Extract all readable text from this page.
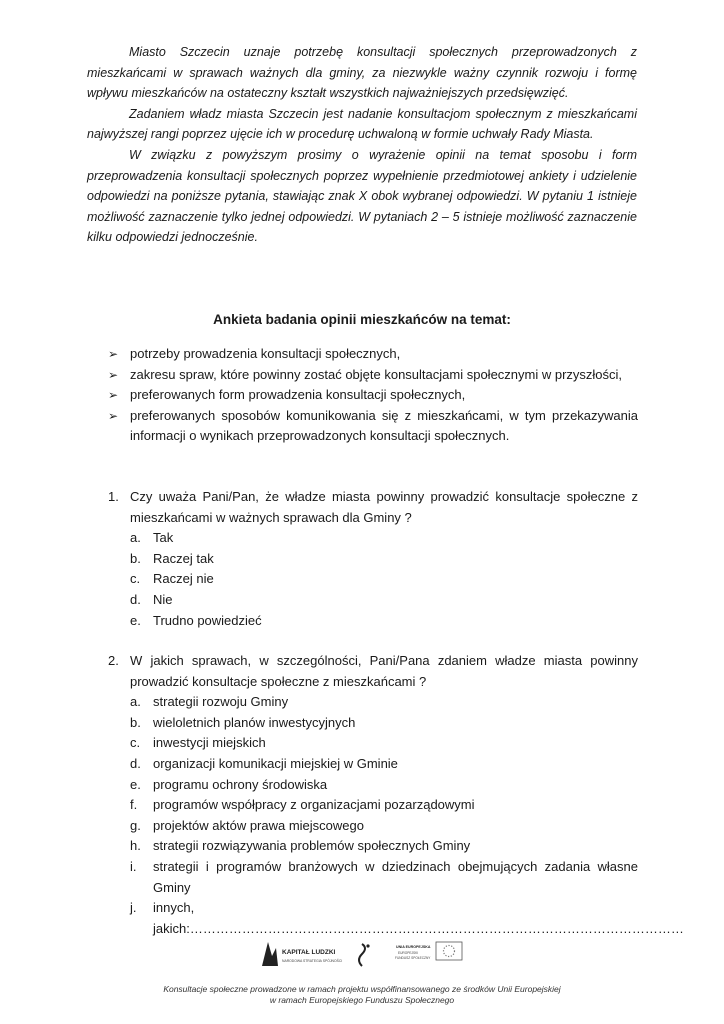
Miasto Szczecin uznaje potrzebę konsultacji społecznych przeprowadzonych z mieszkańcami w sprawach ważnych dla gminy, za niezwykle ważny czynnik rozwoju i formę wpływu mieszkańców na ostateczny kształt wszystkich najważniejszych przedsięwzięć.

Zadaniem władz miasta Szczecin jest nadanie konsultacjom społecznym z mieszkańcami najwyższej rangi poprzez ujęcie ich w procedurę uchwaloną w formie uchwały Rady Miasta.

W związku z powyższym prosimy o wyrażenie opinii na temat sposobu i form przeprowadzenia konsultacji społecznych poprzez wypełnienie przedmiotowej ankiety i udzielenie odpowiedzi na poniższe pytania, stawiając znak X obok wybranej odpowiedzi. W pytaniu 1 istnieje możliwość zaznaczenie tylko jednej odpowiedzi. W pytaniach 2 – 5 istnieje możliwość zaznaczenie kilku odpowiedzi jednocześnie.

Ankieta badania opinii mieszkańców na temat:
➢ potrzeby prowadzenia konsultacji społecznych,
➢ zakresu spraw, które powinny zostać objęte konsultacjami społecznymi w przyszłości,
➢ preferowanych form prowadzenia konsultacji społecznych,
➢ preferowanych sposobów komunikowania się z mieszkańcami, w tym przekazywania informacji o wynikach przeprowadzonych konsultacji społecznych.
1. Czy uważa Pani/Pan, że władze miasta powinny prowadzić konsultacje społeczne z mieszkańcami w ważnych sprawach dla Gminy ?
a. Tak
b. Raczej tak
c. Raczej nie
d. Nie
e. Trudno powiedzieć
2. W jakich sprawach, w szczególności, Pani/Pana zdaniem władze miasta powinny prowadzić konsultacje społeczne z mieszkańcami ?
a. strategii rozwoju Gminy
b. wieloletnich planów inwestycyjnych
c. inwestycji miejskich
d. organizacji komunikacji miejskiej w Gminie
e. programu ochrony środowiska
f. programów współpracy z organizacjami pozarządowymi
g. projektów aktów prawa miejscowego
h. strategii rozwiązywania problemów społecznych Gminy
i. strategii i programów branżowych w dziedzinach obejmujących zadania własne Gminy
j. innych, jakich:……………………………………………………………………………………………………
KAPITAŁ LUDZKI
NARODOWA STRATEGIA SPÓJNOŚCI
UNIA EUROPEJSKA
EUROPEJSKI
FUNDUSZ SPOŁECZNY
Konsultacje społeczne prowadzone w ramach projektu współfinansowanego ze środków Unii Europejskiej
w ramach Europejskiego Funduszu Społecznego
